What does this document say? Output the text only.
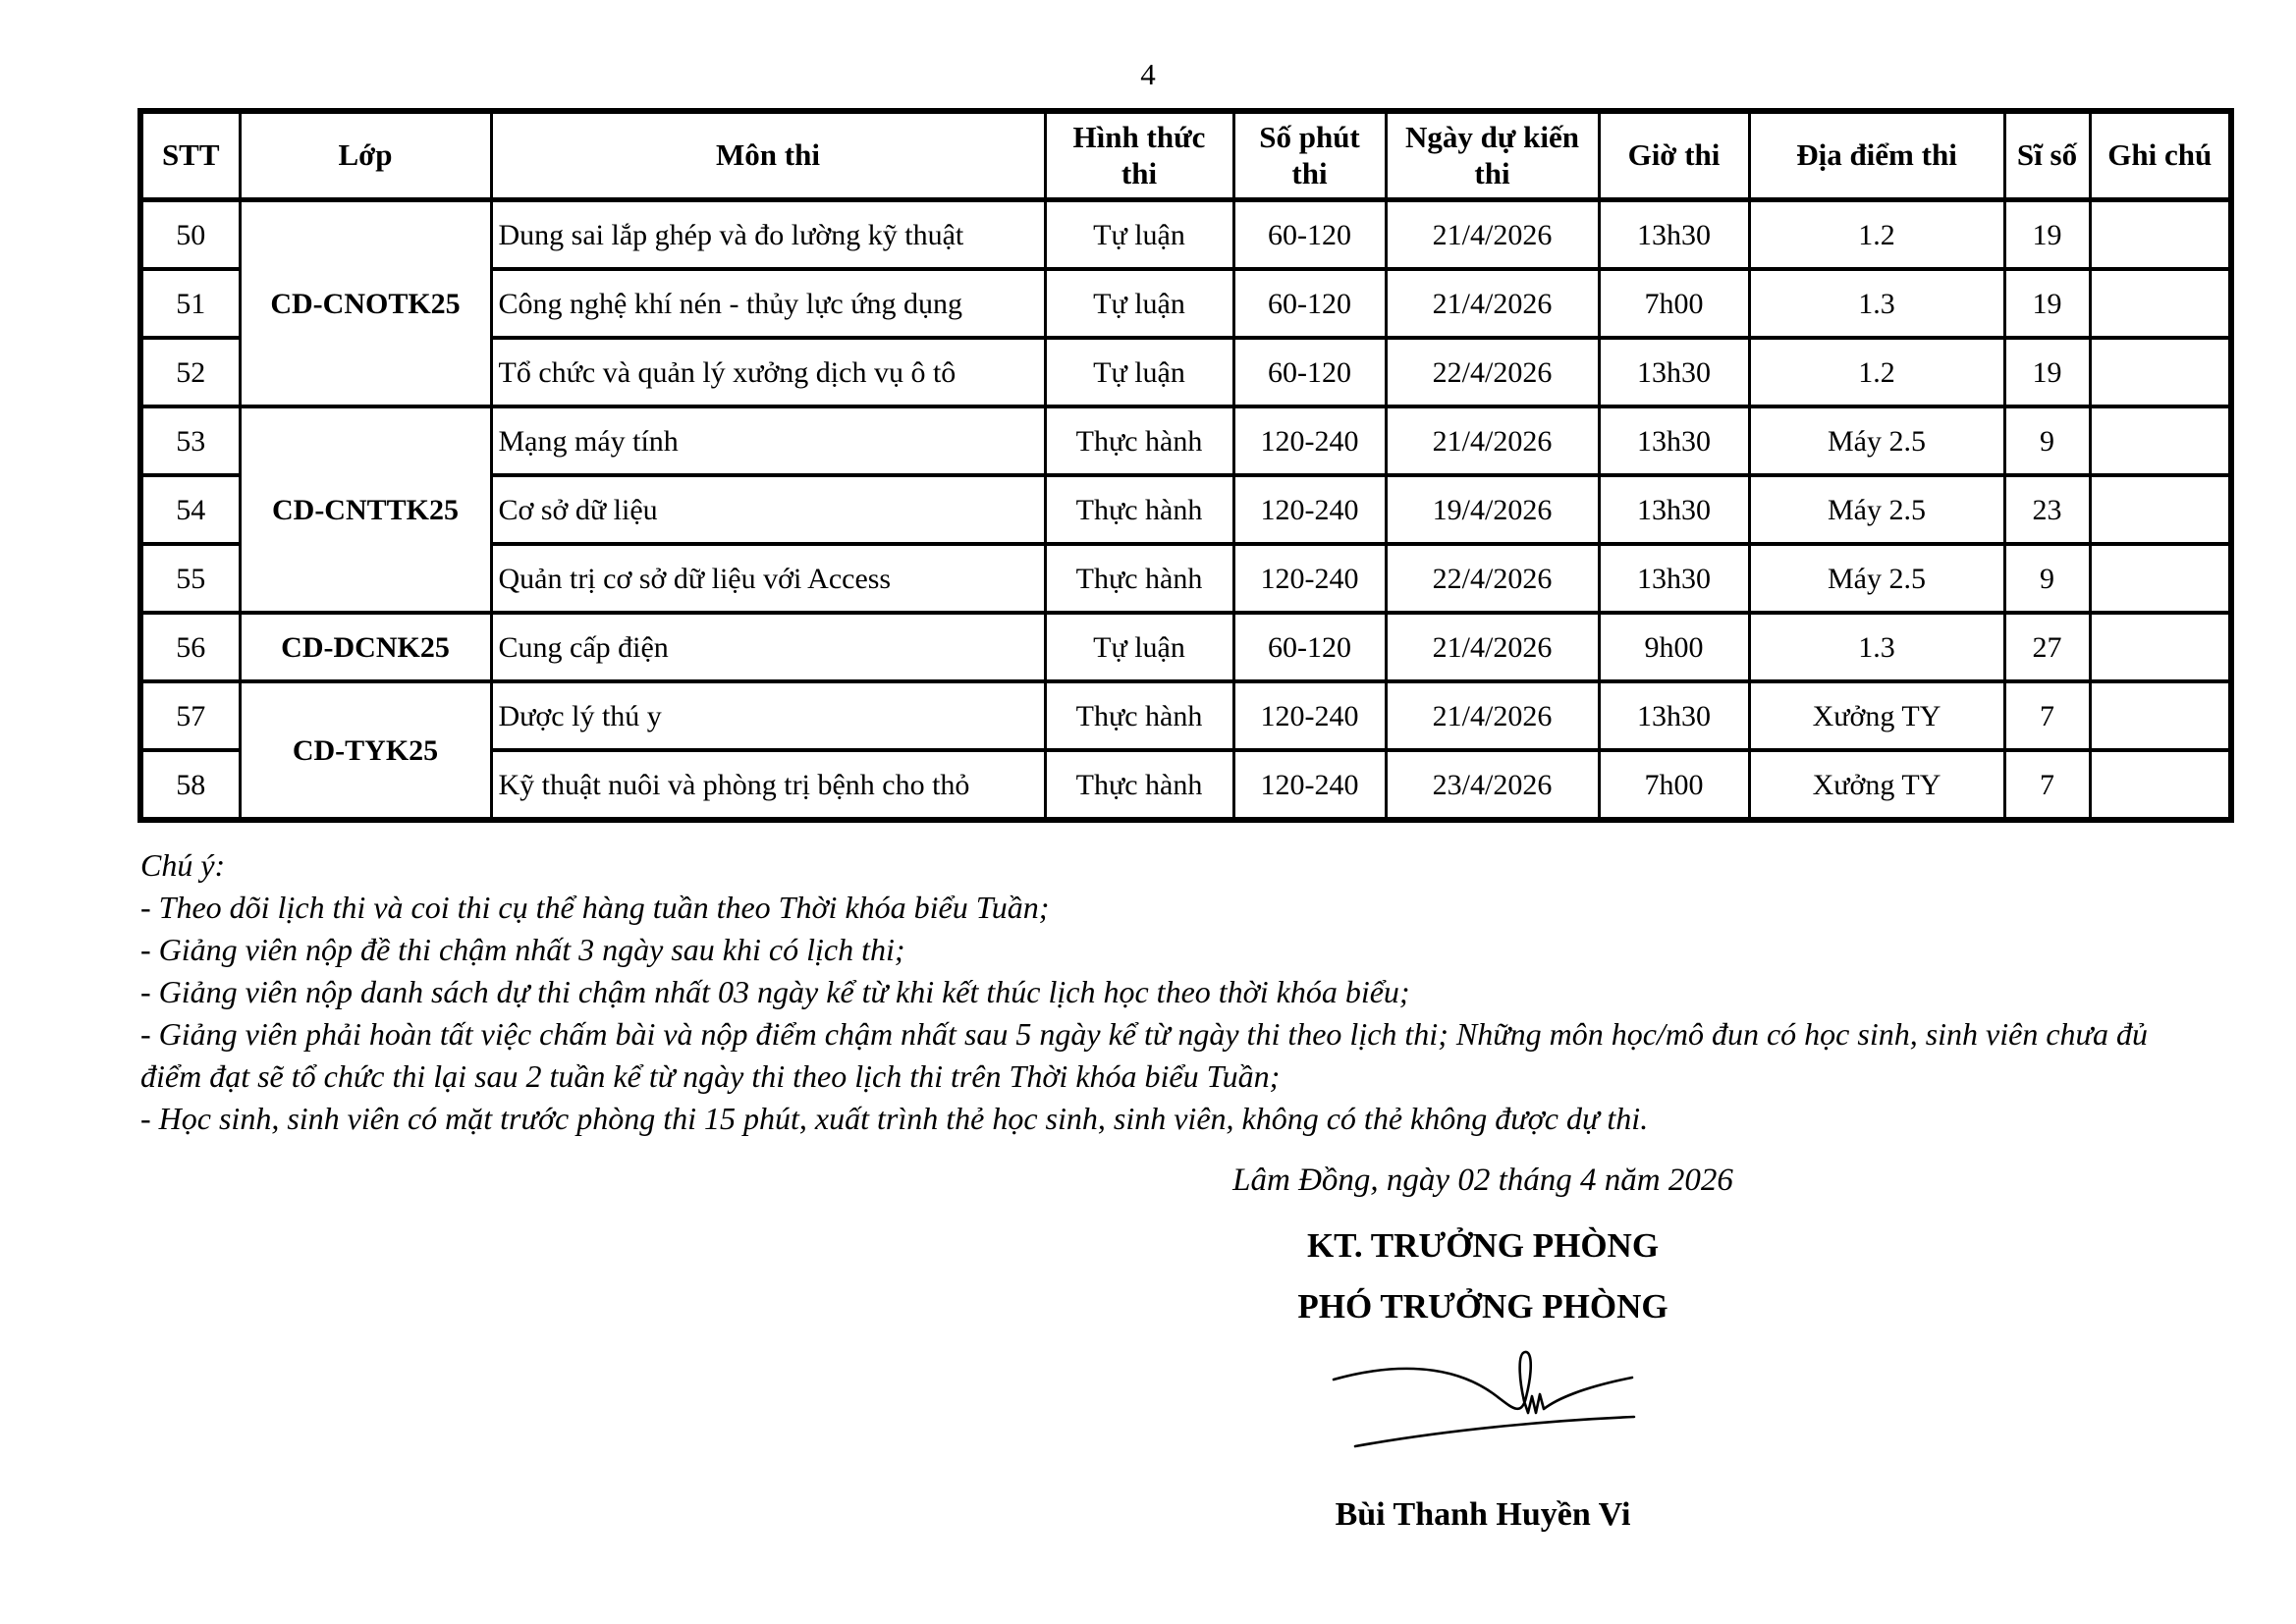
4
STT	Lớp	Môn thi	Hình thức thi	Số phút thi	Ngày dự kiến thi	Giờ thi	Địa điểm thi	Sĩ số	Ghi chú
50	CD-CNOTK25	Dung sai lắp ghép và đo lường kỹ thuật	Tự luận	60-120	21/4/2026	13h30	1.2	19	
51		Công nghệ khí nén - thủy lực ứng dụng	Tự luận	60-120	21/4/2026	7h00	1.3	19	
52		Tổ chức và quản lý xưởng dịch vụ ô tô	Tự luận	60-120	22/4/2026	13h30	1.2	19	
53	CD-CNTTK25	Mạng máy tính	Thực hành	120-240	21/4/2026	13h30	Máy 2.5	9	
54		Cơ sở dữ liệu	Thực hành	120-240	19/4/2026	13h30	Máy 2.5	23	
55		Quản trị cơ sở dữ liệu với Access	Thực hành	120-240	22/4/2026	13h30	Máy 2.5	9	
56	CD-DCNK25	Cung cấp điện	Tự luận	60-120	21/4/2026	9h00	1.3	27	
57	CD-TYK25	Dược lý thú y	Thực hành	120-240	21/4/2026	13h30	Xưởng TY	7	
58		Kỹ thuật nuôi và phòng trị bệnh cho thỏ	Thực hành	120-240	23/4/2026	7h00	Xưởng TY	7	

Chú ý:

- Theo dõi lịch thi và coi thi cụ thể hàng tuần theo Thời khóa biểu Tuần;

- Giảng viên nộp đề thi chậm nhất 3 ngày sau khi có lịch thi;

- Giảng viên nộp danh sách dự thi chậm nhất 03 ngày kể từ khi kết thúc lịch học theo thời khóa biểu;

- Giảng viên phải hoàn tất việc chấm bài và nộp điểm chậm nhất sau 5 ngày kể từ ngày thi theo lịch thi; Những môn học/mô đun có học sinh, sinh viên chưa đủ điểm đạt sẽ tổ chức thi lại sau 2 tuần kể từ ngày thi theo lịch thi trên Thời khóa biểu Tuần;

- Học sinh, sinh viên có mặt trước phòng thi 15 phút, xuất trình thẻ học sinh, sinh viên, không có thẻ không được dự thi.

Lâm Đồng, ngày 02 tháng 4 năm 2026

KT. TRƯỞNG PHÒNG

PHÓ TRƯỞNG PHÒNG

Bùi Thanh Huyền Vi
